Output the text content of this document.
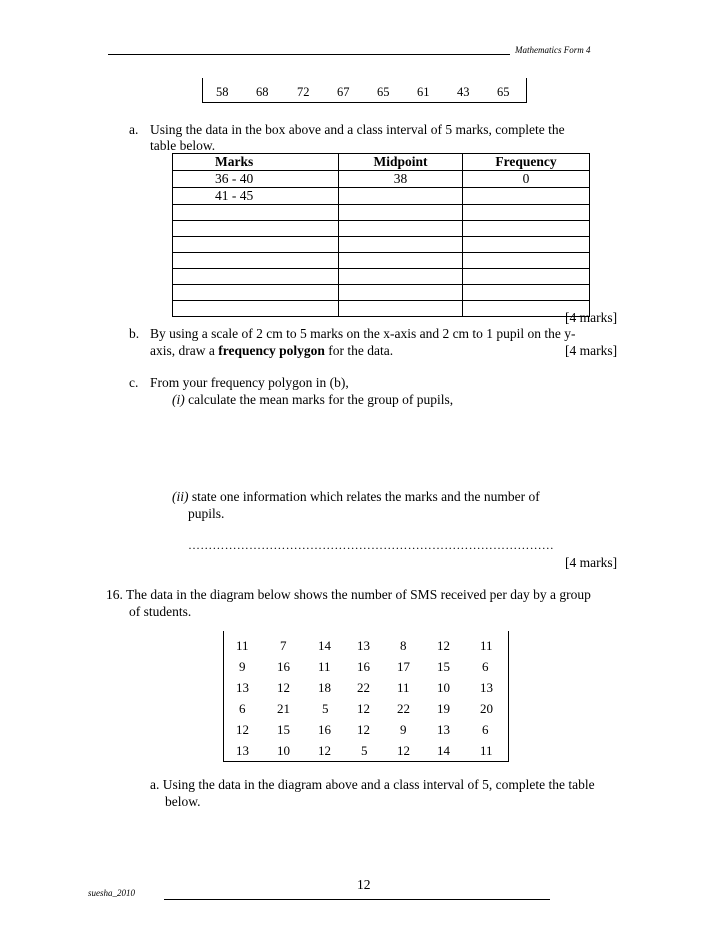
Mathematics Form 4
58 68 72 67 65 61 43 65
a. Using the data in the box above and a class interval of 5 marks, complete the
table below.
Marks	Midpoint	Frequency
36 - 40	38	0
41 - 45		

[4 marks]
b. By using a scale of 2 cm to 5 marks on the x-axis and 2 cm to 1 pupil on the y-
axis, draw a frequency polygon for the data.	[4 marks]
c. From your frequency polygon in (b),
(i) calculate the mean marks for the group of pupils,
(ii) state one information which relates the marks and the number of
pupils.
………………………………………………………………………………
[4 marks]
16. The data in the diagram below shows the number of SMS received per day by a group
of students.
11 7 14 13 8 12 11
9 16 11 16 17 15 6
13 12 18 22 11 10 13
6 21 5 12 22 19 20
12 15 16 12 9 13 6
13 10 12 5 12 14 11
a. Using the data in the diagram above and a class interval of 5, complete the table
below.
12
suesha_2010
